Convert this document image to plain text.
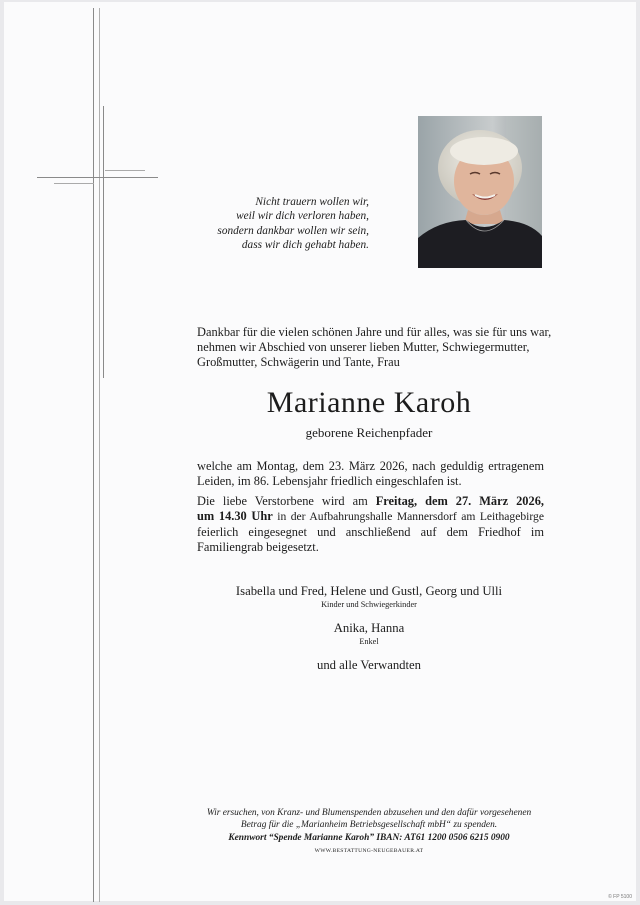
Nicht trauern wollen wir,
weil wir dich verloren haben,
sondern dankbar wollen wir sein,
dass wir dich gehabt haben.
Dankbar für die vielen schönen Jahre und für alles, was sie für uns war,
nehmen wir Abschied von unserer lieben Mutter, Schwiegermutter,
Großmutter, Schwägerin und Tante, Frau
Marianne Karoh
geborene Reichenpfader
welche am Montag, dem 23. März 2026, nach geduldig ertragenem
Leiden, im 86. Lebensjahr friedlich eingeschlafen ist.
Die liebe Verstorbene wird am Freitag, dem 27. März 2026,
um 14.30 Uhr in der Aufbahrungshalle Mannersdorf am Leithagebirge
feierlich eingesegnet und anschließend auf dem Friedhof im
Familiengrab beigesetzt.
Isabella und Fred, Helene und Gustl, Georg und Ulli
Kinder und Schwiegerkinder
Anika, Hanna
Enkel
und alle Verwandten
Wir ersuchen, von Kranz- und Blumenspenden abzusehen und den dafür vorgesehenen
Betrag für die „Marianheim Betriebsgesellschaft mbH“ zu spenden.
Kennwort “Spende Marianne Karoh” IBAN: AT61 1200 0506 6215 0900
WWW.BESTATTUNG-NEUGEBAUER.AT
© FP 5100
